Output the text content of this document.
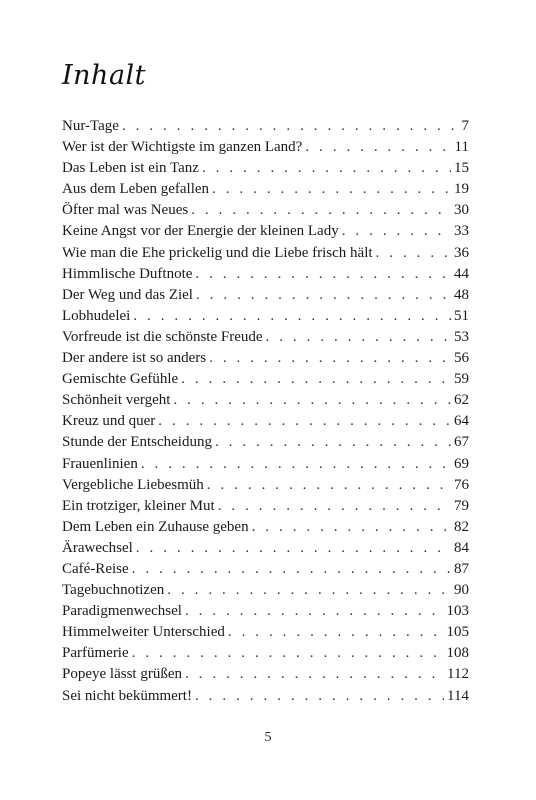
Inhalt
Nur-Tage . . .	7
Wer ist der Wichtigste im ganzen Land? . . .	11
Das Leben ist ein Tanz . . .	15
Aus dem Leben gefallen . . .	19
Öfter mal was Neues . . .	30
Keine Angst vor der Energie der kleinen Lady . . .	33
Wie man die Ehe prickelig und die Liebe frisch hält . . .	36
Himmlische Duftnote . . .	44
Der Weg und das Ziel . . .	48
Lobhudelei . . .	51
Vorfreude ist die schönste Freude . . .	53
Der andere ist so anders . . .	56
Gemischte Gefühle . . .	59
Schönheit vergeht . . .	62
Kreuz und quer . . .	64
Stunde der Entscheidung . . .	67
Frauenlinien . . .	69
Vergebliche Liebesmüh . . .	76
Ein trotziger, kleiner Mut . . .	79
Dem Leben ein Zuhause geben . . .	82
Ärawechsel . . .	84
Café-Reise . . .	87
Tagebuchnotizen . . .	90
Paradigmenwechsel . . .	103
Himmelweiter Unterschied . . .	105
Parfümerie . . .	108
Popeye lässt grüßen . . .	112
Sei nicht bekümmert! . . .	114
5
